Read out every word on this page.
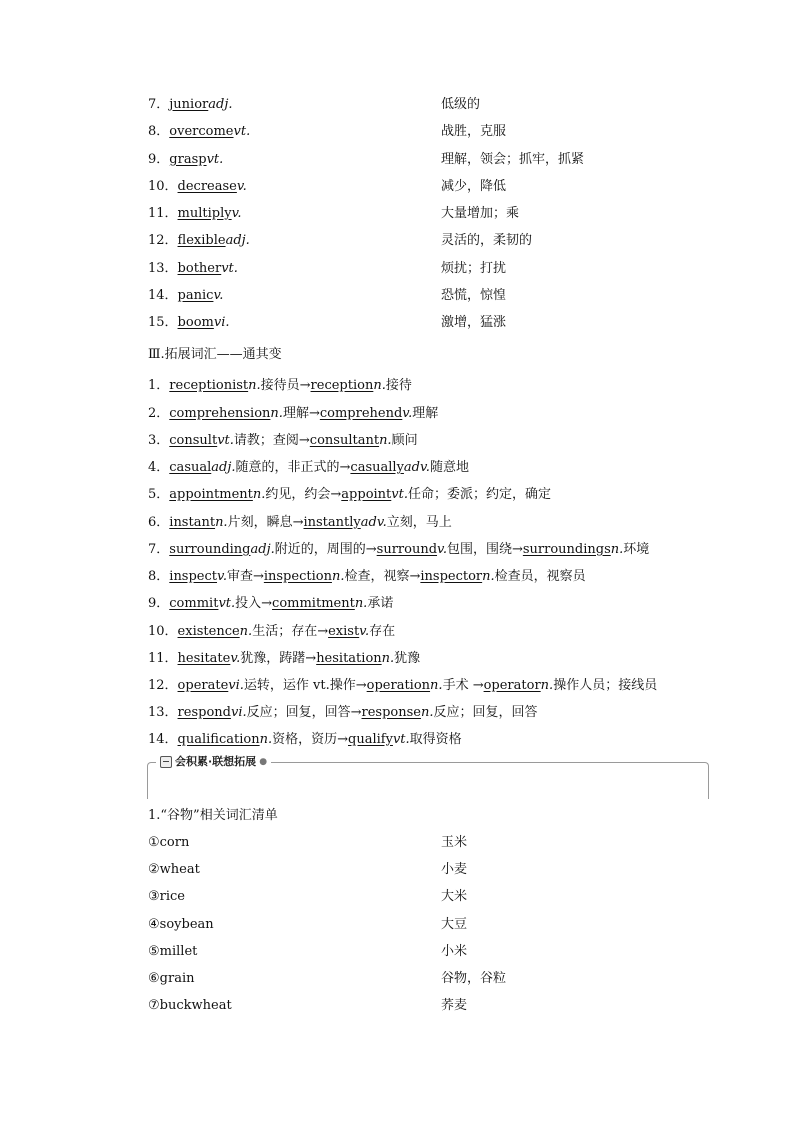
7．junioradj.	低级的
8．overcomevt.	战胜，克服
9．graspvt.	理解，领会；抓牢，抓紧
10．decreasev.	减少，降低
11．multiplyv.	大量增加；乘
12．flexibleadj.	灵活的，柔韧的
13．bothervt.	烦扰；打扰
14．panicv.	恐慌，惊惶
15．boomvi.	激增，猛涨
Ⅲ.拓展词汇——通其变
1．receptionistn.接待员→receptionn.接待
2．comprehensionn.理解→comprehendv.理解
3．consultvt.请教；查阅→consultantn.顾问
4．casualadj.随意的，非正式的→casuallyadv.随意地
5．appointmentn.约见，约会→appointvt.任命；委派；约定，确定
6．instantn.片刻，瞬息→instantlyadv.立刻，马上
7．surroundingadj.附近的，周围的→surroundv.包围，围绕→surroundingsn.环境
8．inspectv.审查→inspectionn.检查，视察→inspectorn.检查员，视察员
9．commitvt.投入→commitmentn.承诺
10．existencen.生活；存在→existv.存在
11．hesitatev.犹豫，踌躇→hesitationn.犹豫
12．operatevi.运转，运作 vt.操作→operationn.手术 →operatorn.操作人员；接线员
13．respondvi.反应；回复，回答→responsen.反应；回复，回答
14．qualificationn.资格，资历→qualifyvt.取得资格
会积累·联想拓展 ●
1.“谷物”相关词汇清单
①corn	玉米
②wheat	小麦
③rice	大米
④soybean	大豆
⑤millet	小米
⑥grain	谷物，谷粒
⑦buckwheat	荞麦
